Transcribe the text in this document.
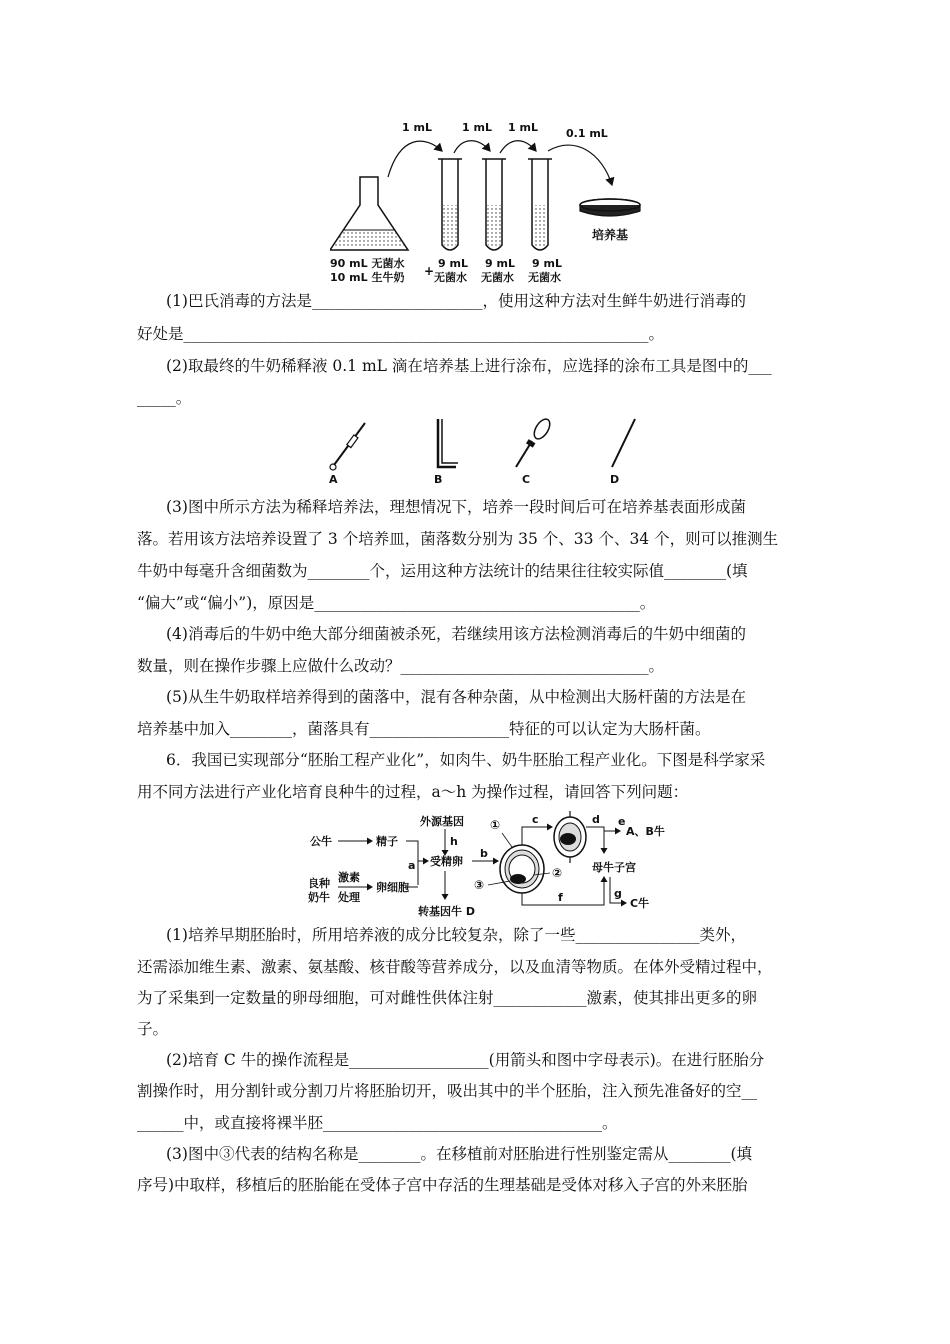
1 mL	1 mL 1 mL	0.1 mL
培养基
90 mL 无菌水
10 mL 生牛奶 +
9 mL
无菌水
9 mL
无菌水
9 mL
无菌水
(1)巴氏消毒的方法是______________________，使用这种方法对生鲜牛奶进行消毒的
好处是____________________________________________________________。
(2)取最终的牛奶稀释液 0.1 mL 滴在培养基上进行涂布，应选择的涂布工具是图中的___
_____。
A	B	C	D
(3)图中所示方法为稀释培养法，理想情况下，培养一段时间后可在培养基表面形成菌
落。若用该方法培养设置了 3 个培养皿，菌落数分别为 35 个、33 个、34 个，则可以推测生
牛奶中每毫升含细菌数为________个，运用这种方法统计的结果往往较实际值________(填
“偏大”或“偏小”)，原因是__________________________________________。
(4)消毒后的牛奶中绝大部分细菌被杀死，若继续用该方法检测消毒后的牛奶中细菌的
数量，则在操作步骤上应做什么改动？________________________________。
(5)从生牛奶取样培养得到的菌落中，混有各种杂菌，从中检测出大肠杆菌的方法是在
培养基中加入________，菌落具有__________________特征的可以认定为大肠杆菌。
6．我国已实现部分“胚胎工程产业化”，如肉牛、奶牛胚胎工程产业化。下图是科学家采
用不同方法进行产业化培育良种牛的过程，a～h 为操作过程，请回答下列问题：
公牛	精子
外源基因
h
a 受精卵
转基因牛 D
b
良种
奶牛
激素
处理
卵细胞
①
③
②
c	d e
A、B牛
母牛子宫
f	g
C牛
(1)培养早期胚胎时，所用培养液的成分比较复杂，除了一些________________类外，
还需添加维生素、激素、氨基酸、核苷酸等营养成分，以及血清等物质。在体外受精过程中，
为了采集到一定数量的卵母细胞，可对雌性供体注射____________激素，使其排出更多的卵
子。
(2)培育 C 牛的操作流程是__________________(用箭头和图中字母表示)。在进行胚胎分
割操作时，用分割针或分割刀片将胚胎切开，吸出其中的半个胚胎，注入预先准备好的空__
______中，或直接将裸半胚____________________________________。
(3)图中③代表的结构名称是________。在移植前对胚胎进行性别鉴定需从________(填
序号)中取样，移植后的胚胎能在受体子宫中存活的生理基础是受体对移入子宫的外来胚胎
